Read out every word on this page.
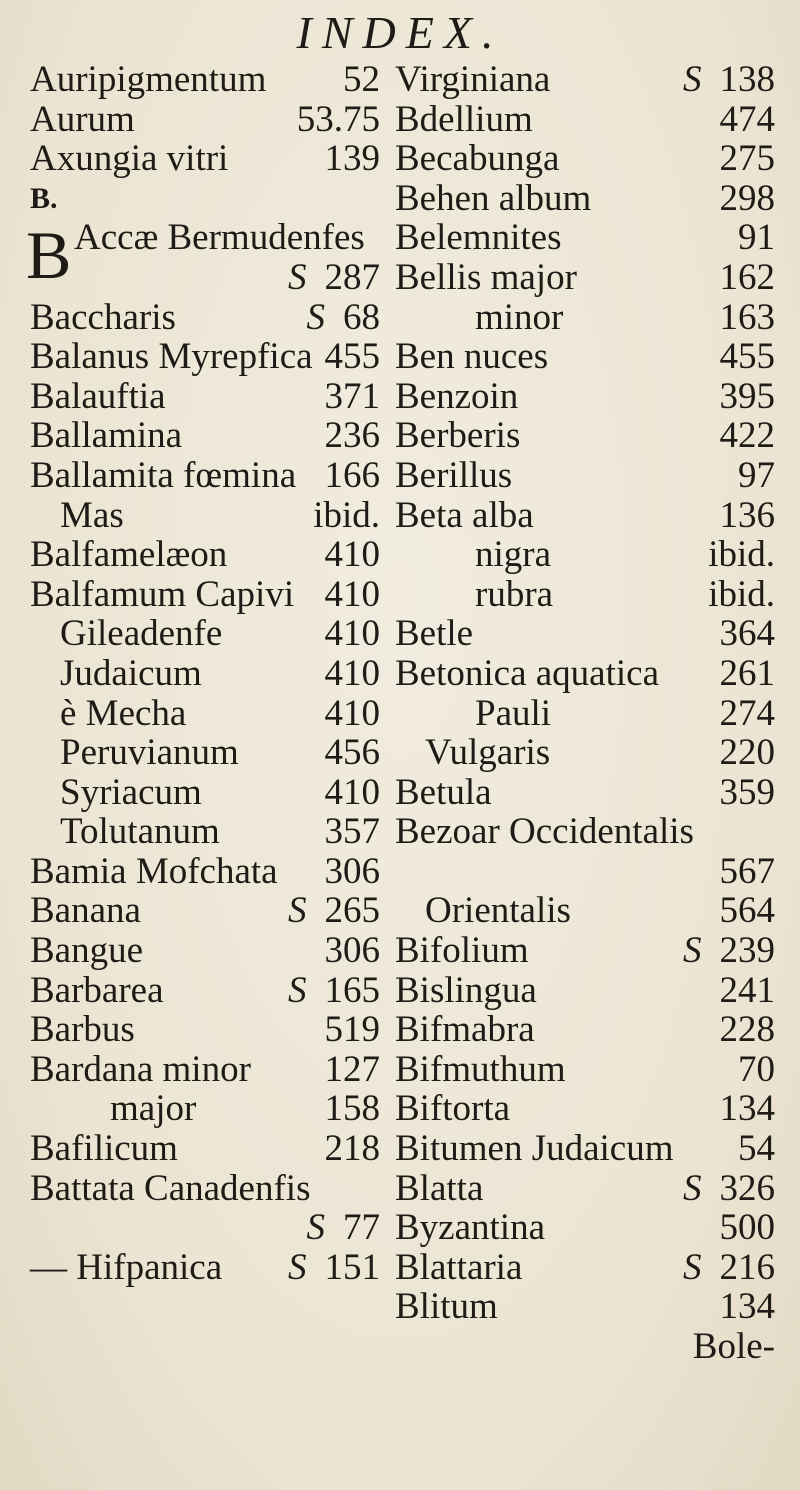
INDEX.
Auripigmentum	52
Aurum	53.75
Axungia vitri	139
B.
B Accæ Bermudenfes
S 287
Baccharis	S 68
Balanus Myrepfica 455
Balauftia	371
Ballamina	236
Ballamita fœmina 166
Mas	ibid.
Balfamelæon	410
Balfamum Capivi 410
Gileadenfe	410
Judaicum	410
è Mecha	410
Peruvianum	456
Syriacum	410
Tolutanum	357
Bamia Mofchata	306
Banana	S 265
Bangue	306
Barbarea	S 165
Barbus	519
Bardana minor	127
major	158
Bafilicum	218
Battata Canadenfis
S 77
— Hifpanica	S 151
Virginiana	S 138
Bdellium	474
Becabunga	275
Behen album	298
Belemnites	91
Bellis major	162
minor	163
Ben nuces	455
Benzoin	395
Berberis	422
Berillus	97
Beta alba	136
nigra	ibid.
rubra	ibid.
Betle	364
Betonica aquatica	261
Pauli	274
Vulgaris	220
Betula	359
Bezoar Occidentalis
567
Orientalis	564
Bifolium	S 239
Bislingua	241
Bifmabra	228
Bifmuthum	70
Biftorta	134
Bitumen Judaicum	54
Blatta	S 326
Byzantina	500
Blattaria	S 216
Blitum	134
Bole-
